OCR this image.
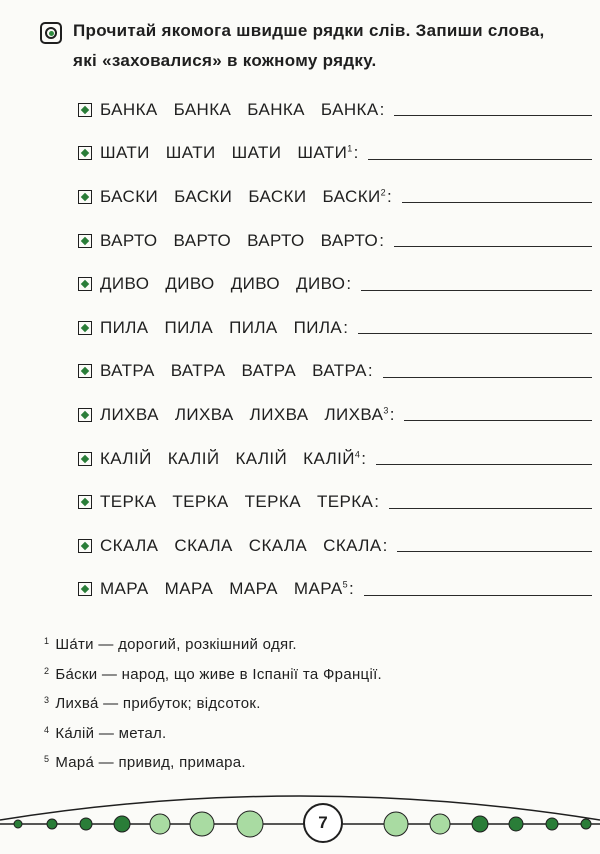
Прочитай якомога швидше рядки слів. Запиши слова,
які «заховалися» в кожному рядку.
БАНКА БАНКА БАНКА БАНКА :
ШАТИ ШАТИ ШАТИ ШАТИ$^1$ :
БАСКИ БАСКИ БАСКИ БАСКИ$^2$ :
ВАРТО ВАРТО ВАРТО ВАРТО :
ДИВО ДИВО ДИВО ДИВО :
ПИЛА ПИЛА ПИЛА ПИЛА :
ВАТРА ВАТРА ВАТРА ВАТРА :
ЛИХВА ЛИХВА ЛИХВА ЛИХВА$^3$ :
КАЛІЙ КАЛІЙ КАЛІЙ КАЛІЙ$^4$ :
ТЕРКА ТЕРКА ТЕРКА ТЕРКА :
СКАЛА СКАЛА СКАЛА СКАЛА :
МАРА МАРА МАРА МАРА$^5$ :
$^1$ Ша́ти — дорогий, розкішний одяг.
$^2$ Ба́ски — народ, що живе в Іспанії та Франції.
$^3$ Лихва́ — прибуток; відсоток.
$^4$ Ка́лій — метал.
$^5$ Мара́ — привид, примара.
7
